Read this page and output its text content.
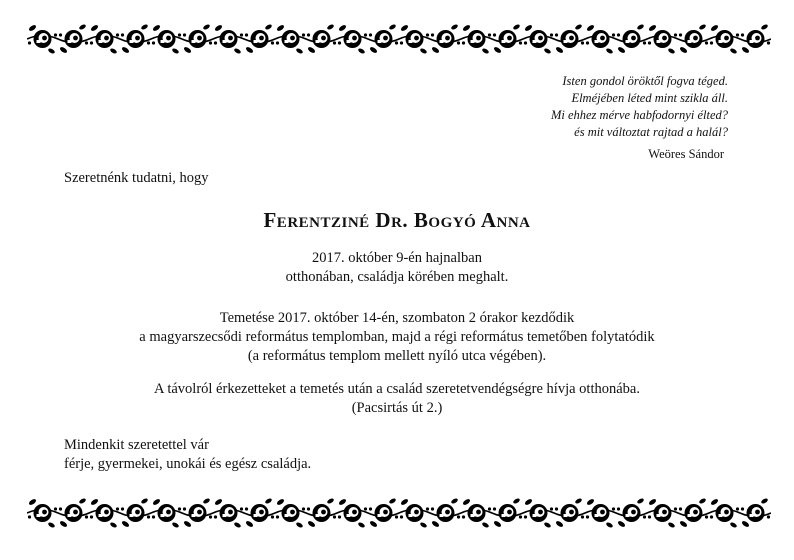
Isten gondol öröktől fogva téged.
Elméjében léted mint szikla áll.
Mi ehhez mérve habfodornyi élted?
és mit változtat rajtad a halál?
Weöres Sándor
Szeretnénk tudatni, hogy
Ferentziné Dr. Bogyó Anna
2017. október 9-én hajnalban
otthonában, családja körében meghalt.
Temetése 2017. október 14-én, szombaton 2 órakor kezdődik
a magyarszecsődi református templomban, majd a régi református temetőben folytatódik
(a református templom mellett nyíló utca végében).
A távolról érkezetteket a temetés után a család szeretetvendégségre hívja otthonába.
(Pacsirtás út 2.)
Mindenkit szeretettel vár
férje, gyermekei, unokái és egész családja.
